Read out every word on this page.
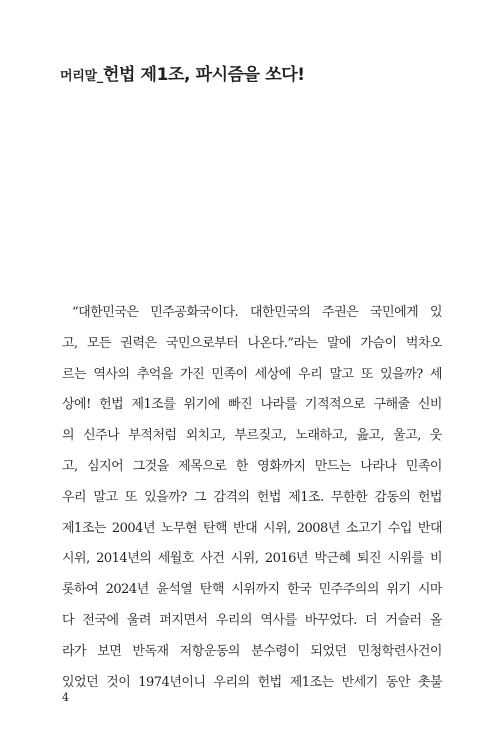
머리말_헌법 제1조, 파시즘을 쏘다!
“대한민국은 민주공화국이다. 대한민국의 주권은 국민에게 있
고, 모든 권력은 국민으로부터 나온다.”라는 말에 가슴이 벅차오
르는 역사의 추억을 가진 민족이 세상에 우리 말고 또 있을까? 세
상에! 헌법 제1조를 위기에 빠진 나라를 기적적으로 구해줄 신비
의 신주나 부적처럼 외치고, 부르짖고, 노래하고, 읊고, 울고, 웃
고, 심지어 그것을 제목으로 한 영화까지 만드는 나라나 민족이
우리 말고 또 있을까? 그 감격의 헌법 제1조. 무한한 감동의 헌법
제1조는 2004년 노무현 탄핵 반대 시위, 2008년 소고기 수입 반대
시위, 2014년의 세월호 사건 시위, 2016년 박근혜 퇴진 시위를 비
롯하여 2024년 윤석열 탄핵 시위까지 한국 민주주의의 위기 시마
다 전국에 울려 퍼지면서 우리의 역사를 바꾸었다. 더 거슬러 올
라가 보면 반독재 저항운동의 분수령이 되었던 민청학련사건이
있었던 것이 1974년이니 우리의 헌법 제1조는 반세기 동안 촛불
4
